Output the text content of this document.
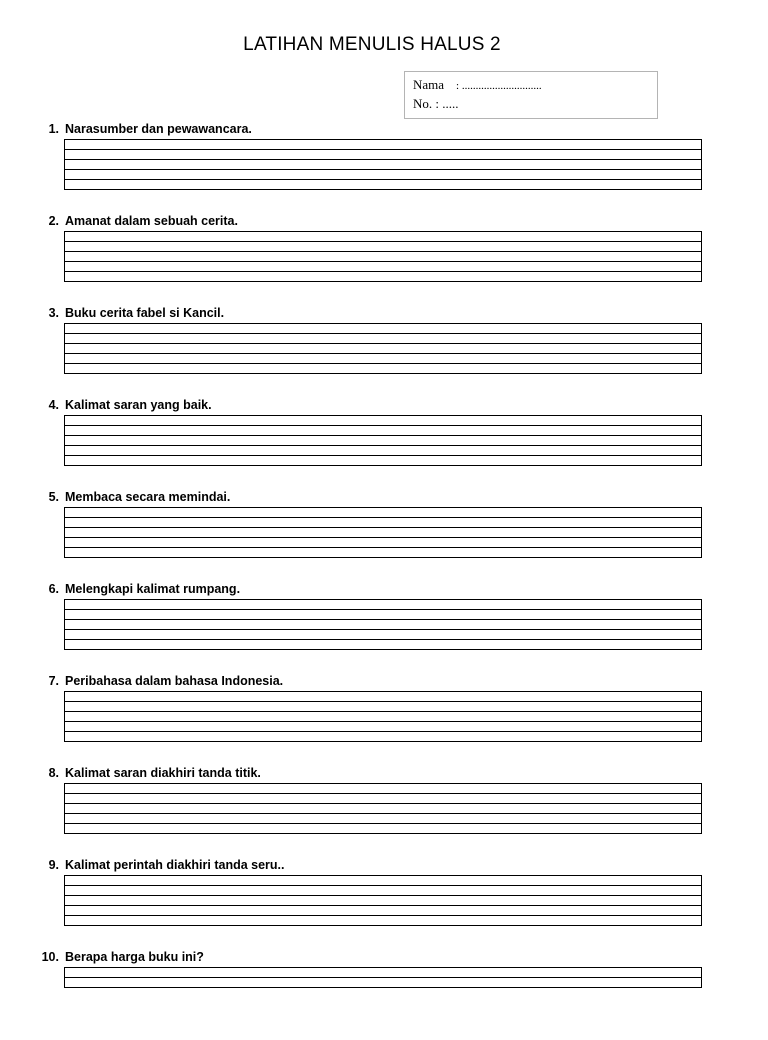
LATIHAN MENULIS HALUS 2
Nama : .............................
No. : .....
1. Narasumber dan pewawancara.
2. Amanat dalam sebuah cerita.
3. Buku cerita fabel si Kancil.
4. Kalimat saran yang baik.
5. Membaca secara memindai.
6. Melengkapi kalimat rumpang.
7. Peribahasa dalam bahasa Indonesia.
8. Kalimat saran diakhiri tanda titik.
9. Kalimat perintah diakhiri tanda seru..
10. Berapa harga buku ini?
